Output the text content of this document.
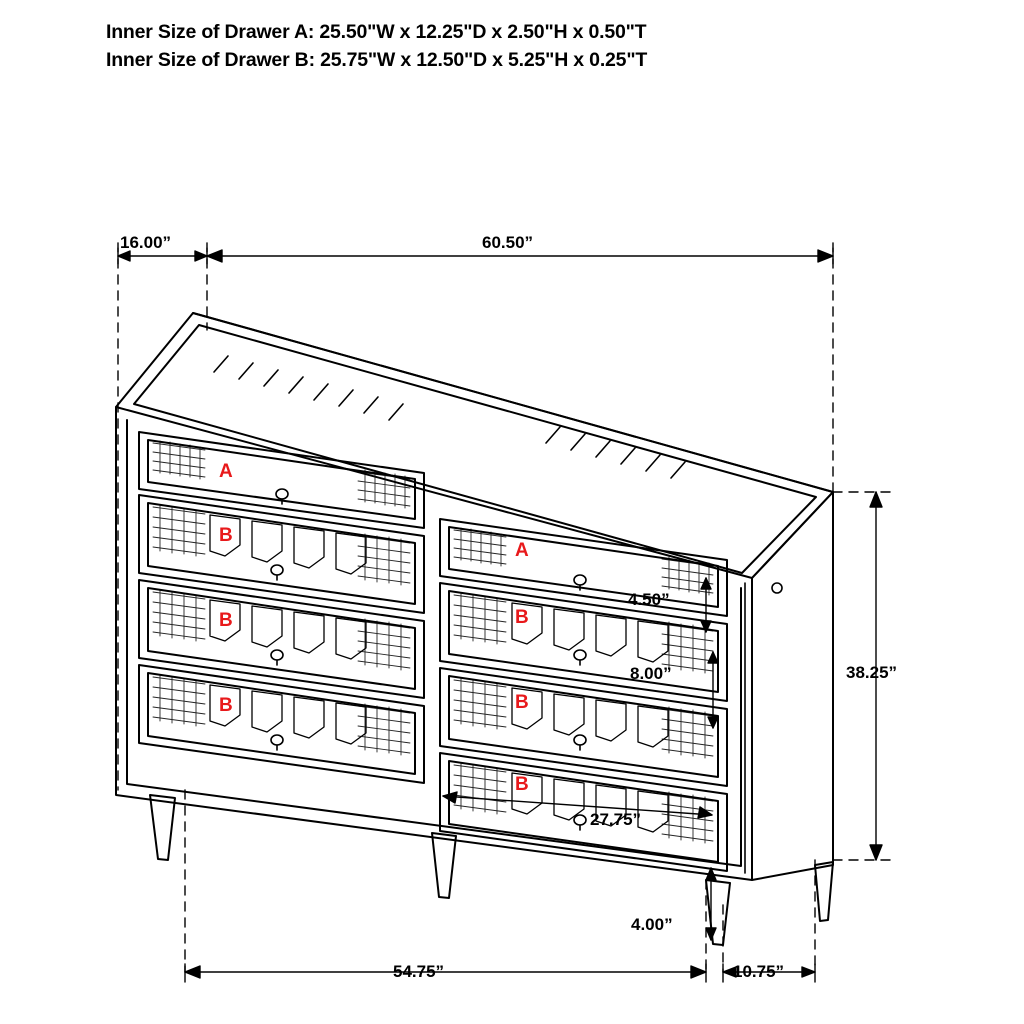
Inner Size of Drawer A: 25.50"W x 12.25"D x 2.50"H x 0.50"T
Inner Size of Drawer B: 25.75"W x 12.50"D x 5.25"H x 0.25"T
16.00”	60.50”
38.25”
4.50”
8.00”
27.75”
4.00”
54.75”	10.75”
A
B
B
B
A
B
B
B
